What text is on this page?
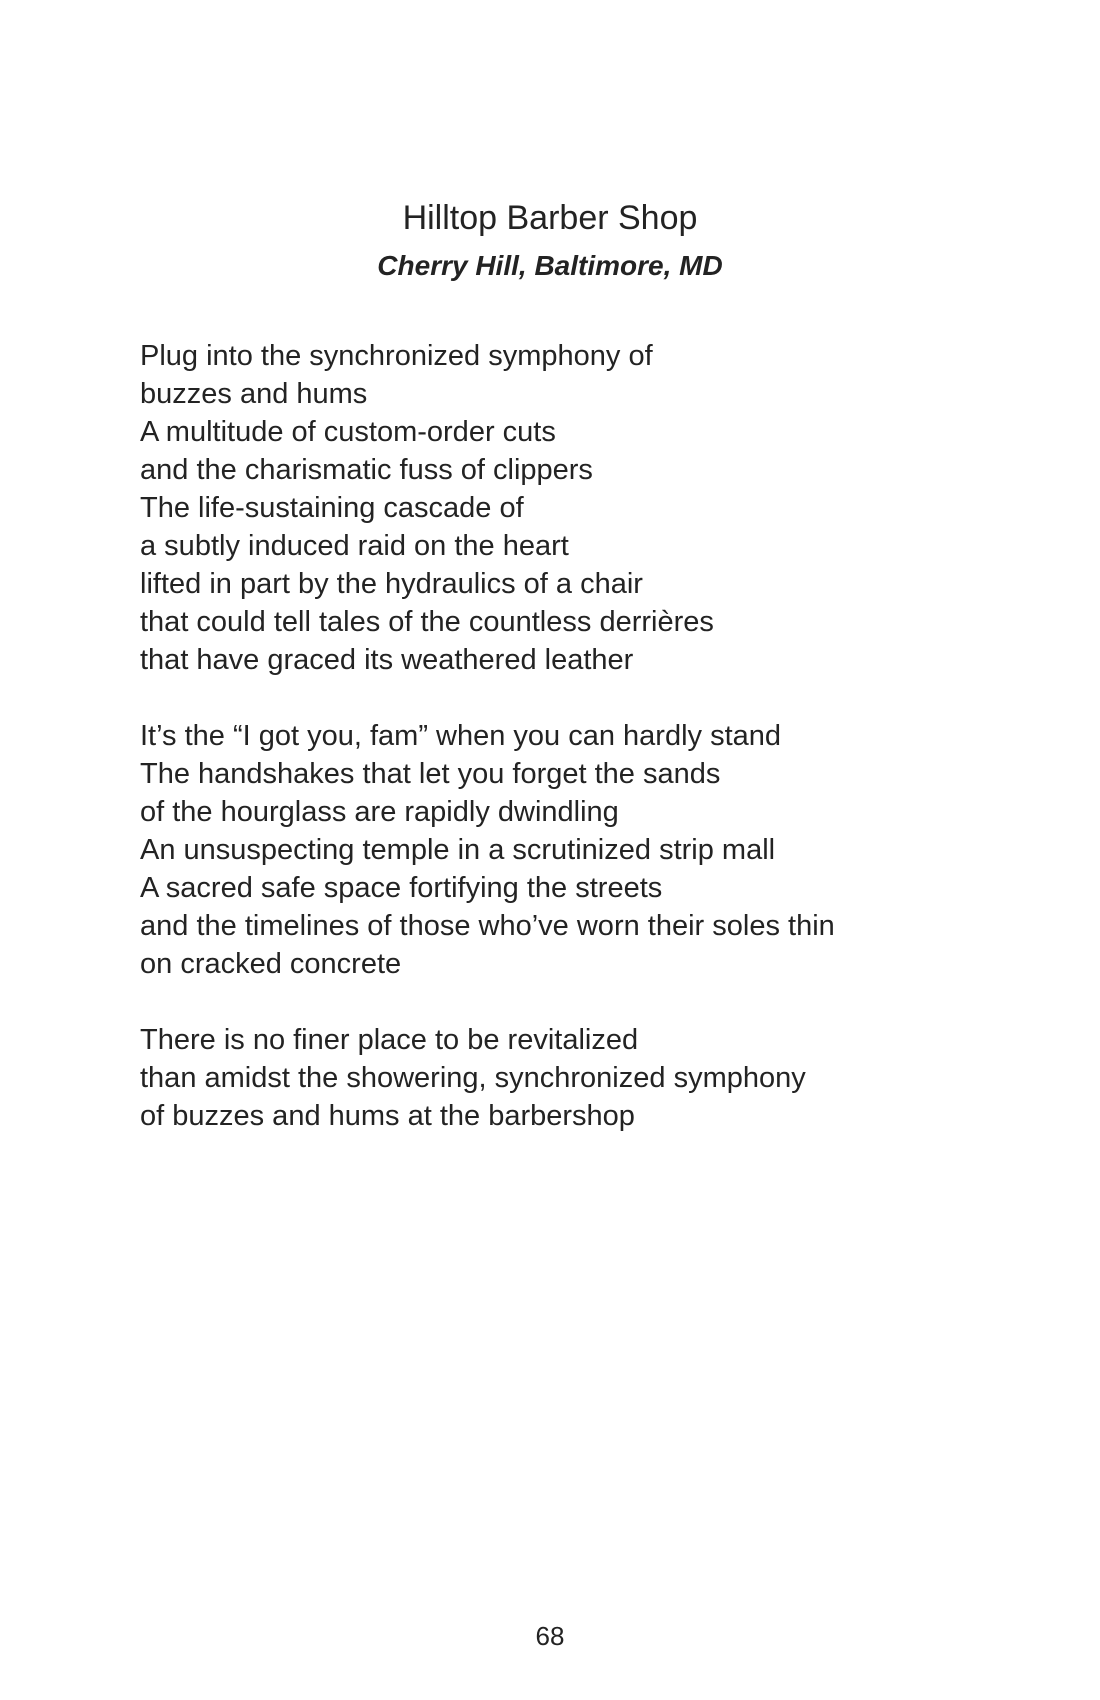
Hilltop Barber Shop
Cherry Hill, Baltimore, MD
Plug into the synchronized symphony of
buzzes and hums
A multitude of custom-order cuts
and the charismatic fuss of clippers
The life-sustaining cascade of
a subtly induced raid on the heart
lifted in part by the hydraulics of a chair
that could tell tales of the countless derrières
that have graced its weathered leather
It’s the “I got you, fam” when you can hardly stand
The handshakes that let you forget the sands
of the hourglass are rapidly dwindling
An unsuspecting temple in a scrutinized strip mall
A sacred safe space fortifying the streets
and the timelines of those who’ve worn their soles thin
on cracked concrete
There is no finer place to be revitalized
than amidst the showering, synchronized symphony
of buzzes and hums at the barbershop
68
